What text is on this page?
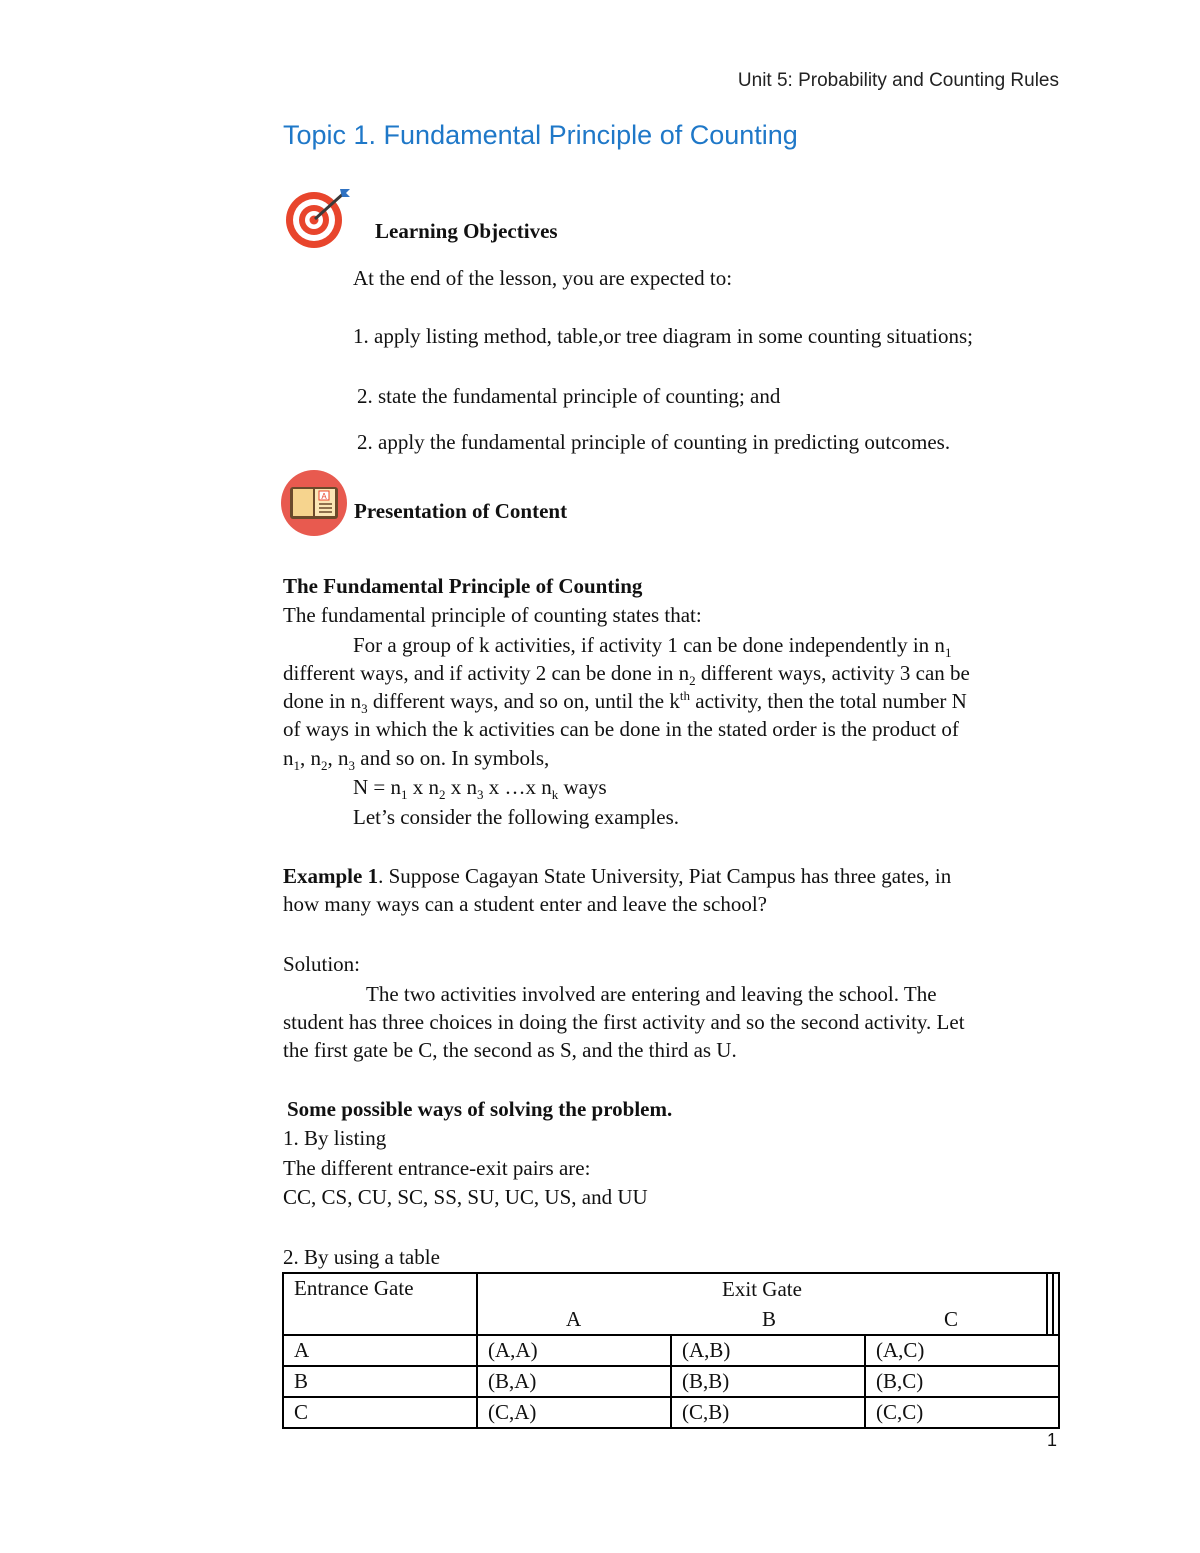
Unit 5: Probability and Counting Rules
Topic 1. Fundamental Principle of Counting
Learning Objectives
At the end of the lesson, you are expected to:
1. apply listing method, table,or tree diagram in some counting situations;
2. state the fundamental principle of counting; and
2. apply the fundamental principle of counting in predicting outcomes.
A
Presentation of Content
The Fundamental Principle of Counting
The fundamental principle of counting states that:
For a group of k activities, if activity 1 can be done independently in $n_1$
different ways, and if activity 2 can be done in $n_2$ different ways, activity 3 can be
done in $n_3$ different ways, and so on, until the $k^{th}$ activity, then the total number N
of ways in which the k activities can be done in the stated order is the product of
$n_1$, $n_2$, $n_3$ and so on. In symbols,
$N = n_1$ x $n_2$ x $n_3$ x …x $n_k$ ways
Let’s consider the following examples.
Example 1. Suppose Cagayan State University, Piat Campus has three gates, in
how many ways can a student enter and leave the school?
Solution:
The two activities involved are entering and leaving the school. The
student has three choices in doing the first activity and so the second activity. Let
the first gate be C, the second as S, and the third as U.
Some possible ways of solving the problem.
1. By listing
The different entrance-exit pairs are:
CC, CS, CU, SC, SS, SU, UC, US, and UU
2. By using a table
Entrance Gate	Exit Gate
A B C				

A	(A,A)	(A,B)	(A,C)		
B	(B,A)	(B,B)	(B,C)		
C	(C,A)	(C,B)	(C,C)		
1
